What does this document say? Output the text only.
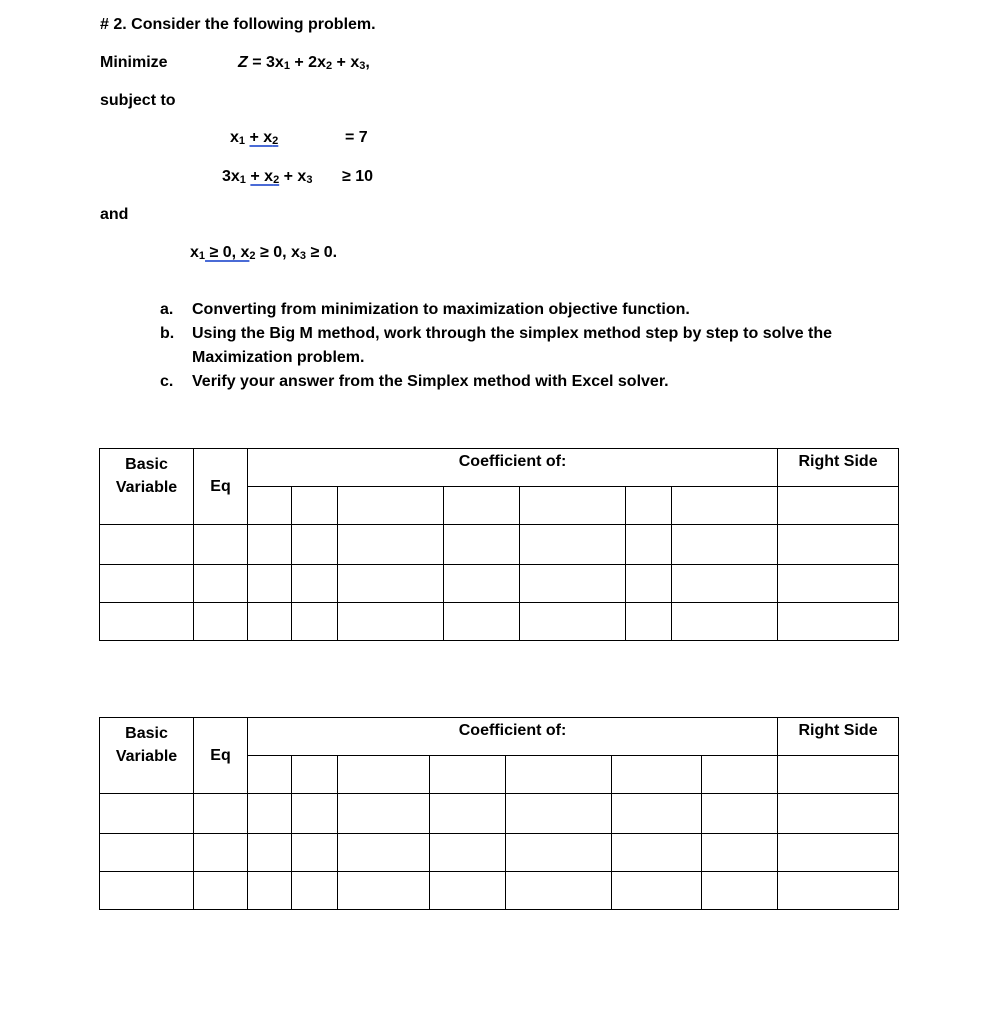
# 2. Consider the following problem.
Minimize	$Z = 3x_1 + 2x_2 + x_3$,
subject to
$x_1 + x_2$	= 7
$3x_1 + x_2 + x_3 \ge 10$
and
$x_1 \ge 0$, $x_2 \ge 0$, $x_3 \ge 0$.
a.	Converting from minimization to maximization objective function.
b.	Using the Big M method, work through the simplex method step by step to solve the Maximization problem.
c.	Verify your answer from the Simplex method with Excel solver.
Basic Variable	Eq	Coefficient of:							Right Side

Basic Variable	Eq	Coefficient of:							Right Side
